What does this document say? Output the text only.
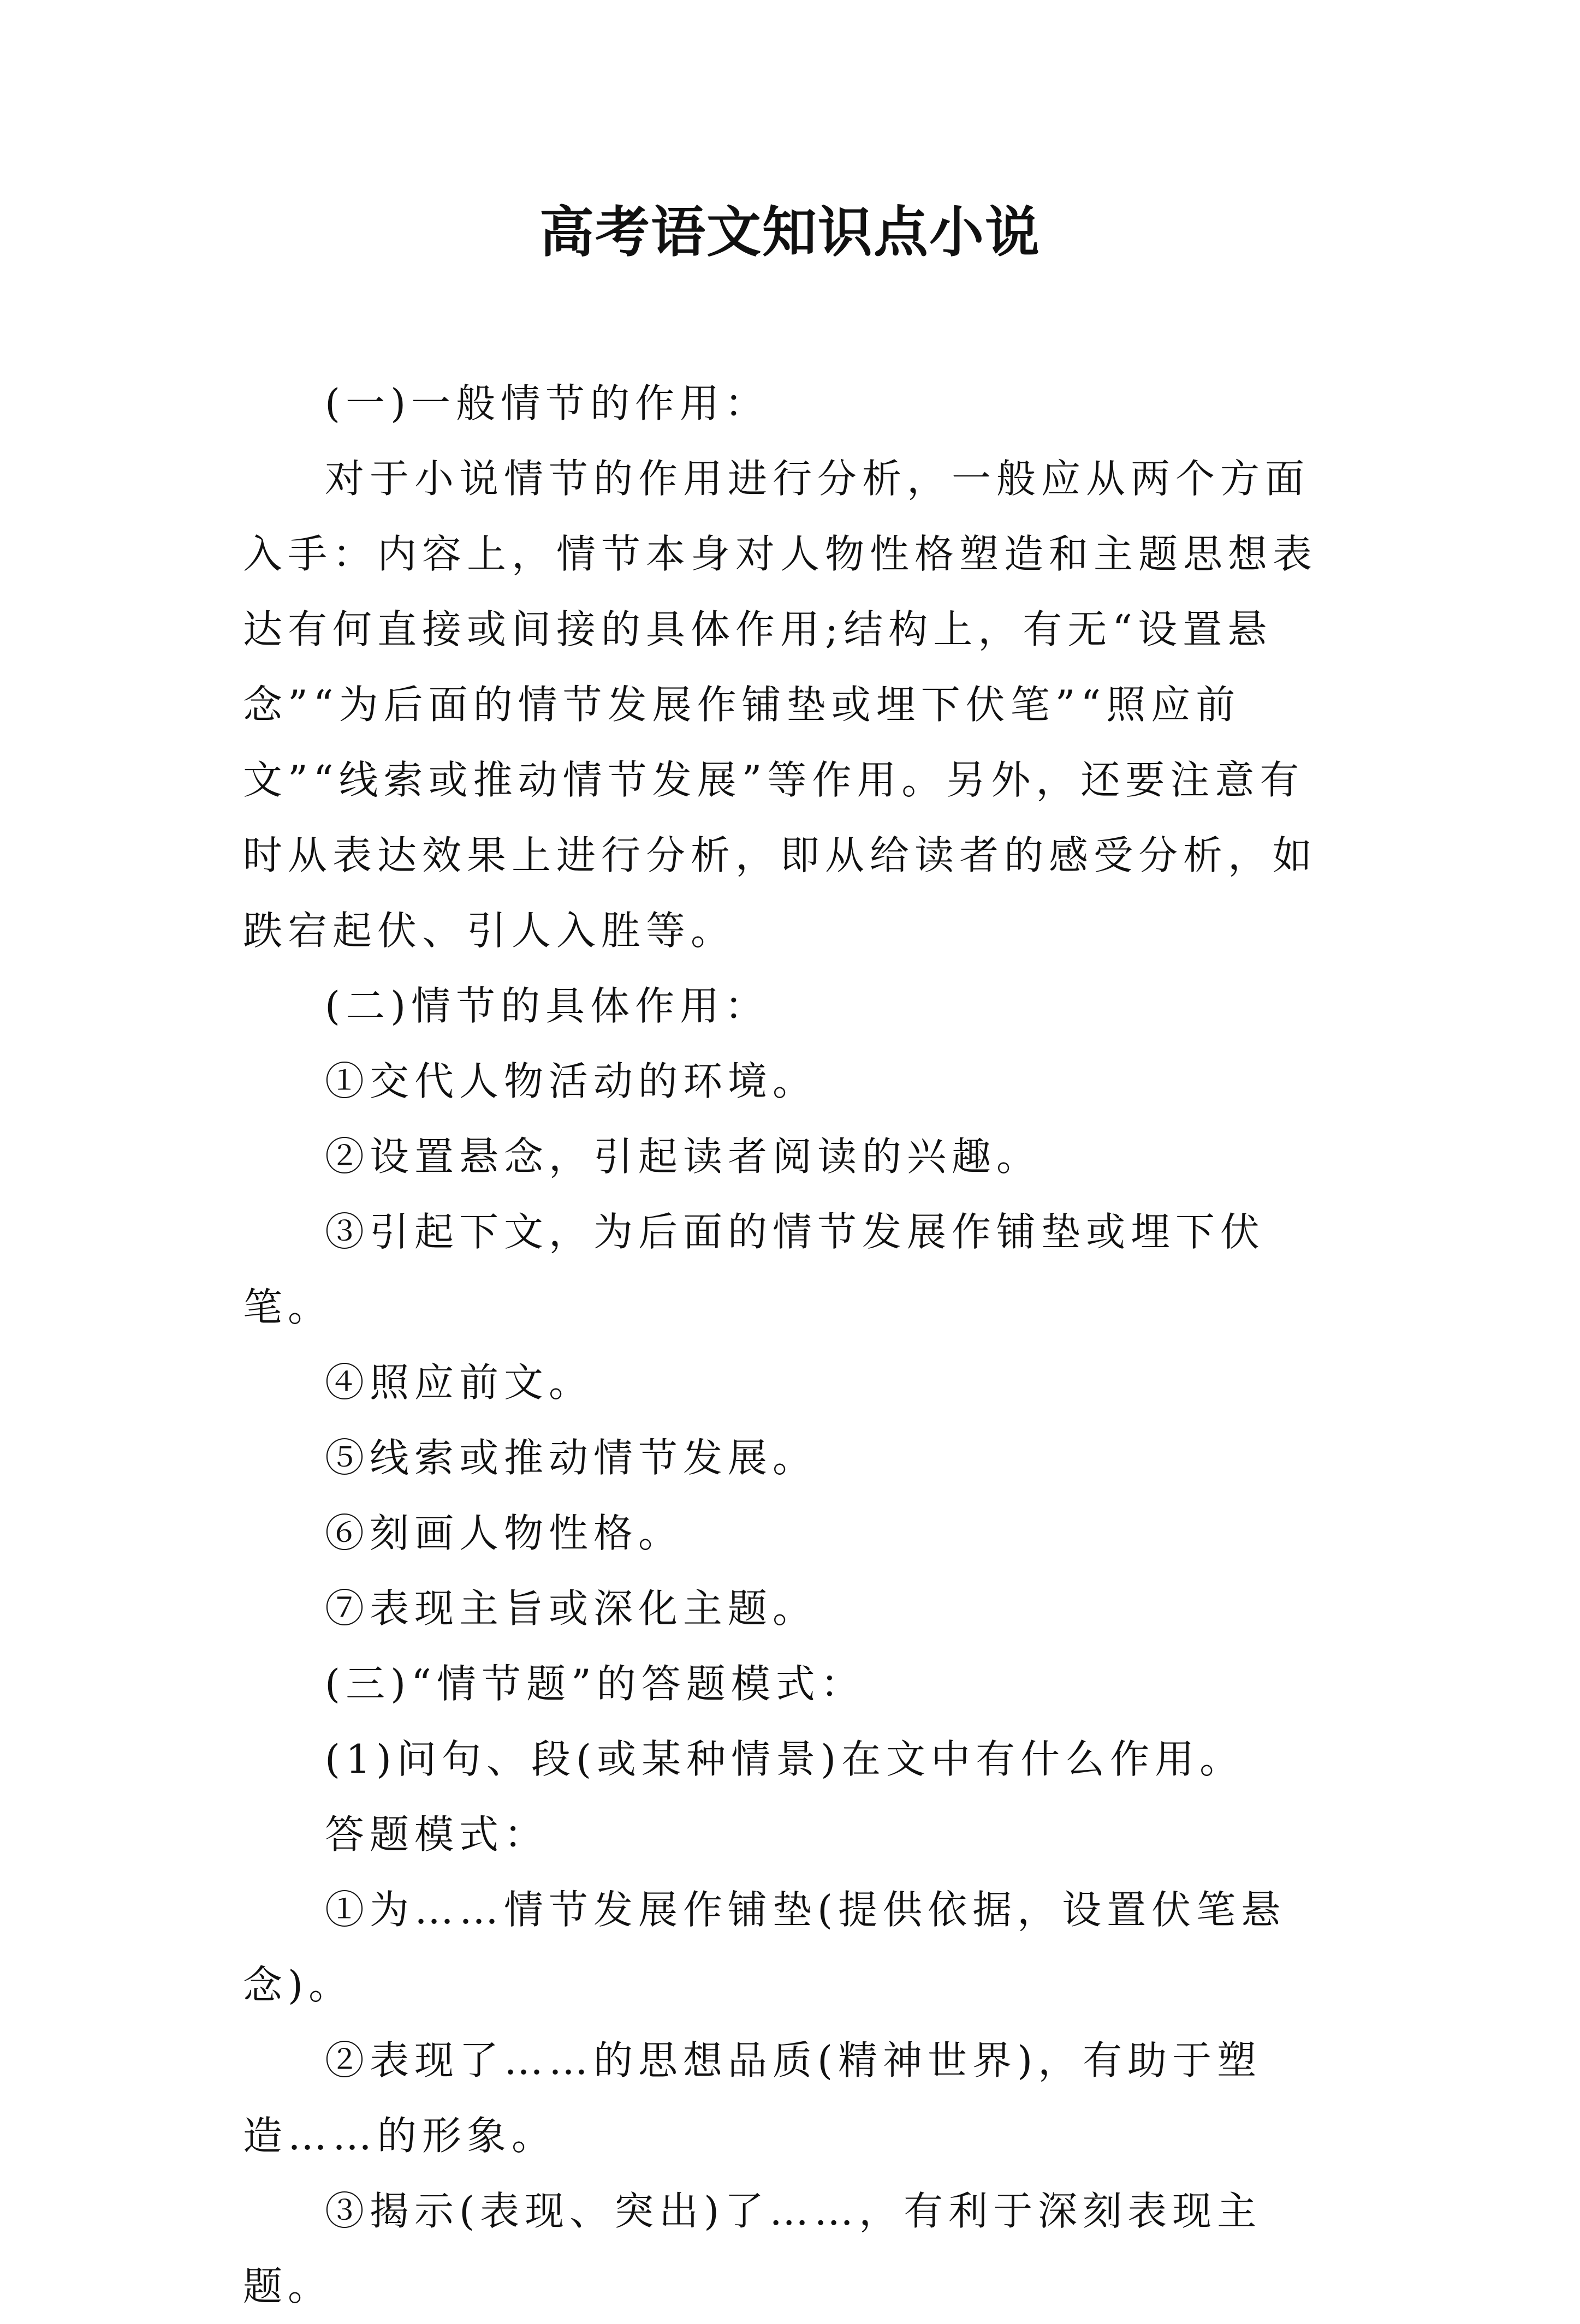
高考语文知识点小说

(一)一般情节的作用：

对于小说情节的作用进行分析，一般应从两个方面入手：内容上，情节本身对人物性格塑造和主题思想表达有何直接或间接的具体作用;结构上，有无“设置悬念”“为后面的情节发展作铺垫或埋下伏笔”“照应前文”“线索或推动情节发展”等作用。另外，还要注意有时从表达效果上进行分析，即从给读者的感受分析，如跌宕起伏、引人入胜等。

(二)情节的具体作用：

①交代人物活动的环境。

②设置悬念，引起读者阅读的兴趣。

③引起下文，为后面的情节发展作铺垫或埋下伏笔。

④照应前文。

⑤线索或推动情节发展。

⑥刻画人物性格。

⑦表现主旨或深化主题。

(三)“情节题”的答题模式：

(1)问句、段(或某种情景)在文中有什么作用。

答题模式：

①为……情节发展作铺垫(提供依据，设置伏笔悬念)。

②表现了……的思想品质(精神世界)，有助于塑造……的形象。

③揭示(表现、突出)了……，有利于深刻表现主题。
